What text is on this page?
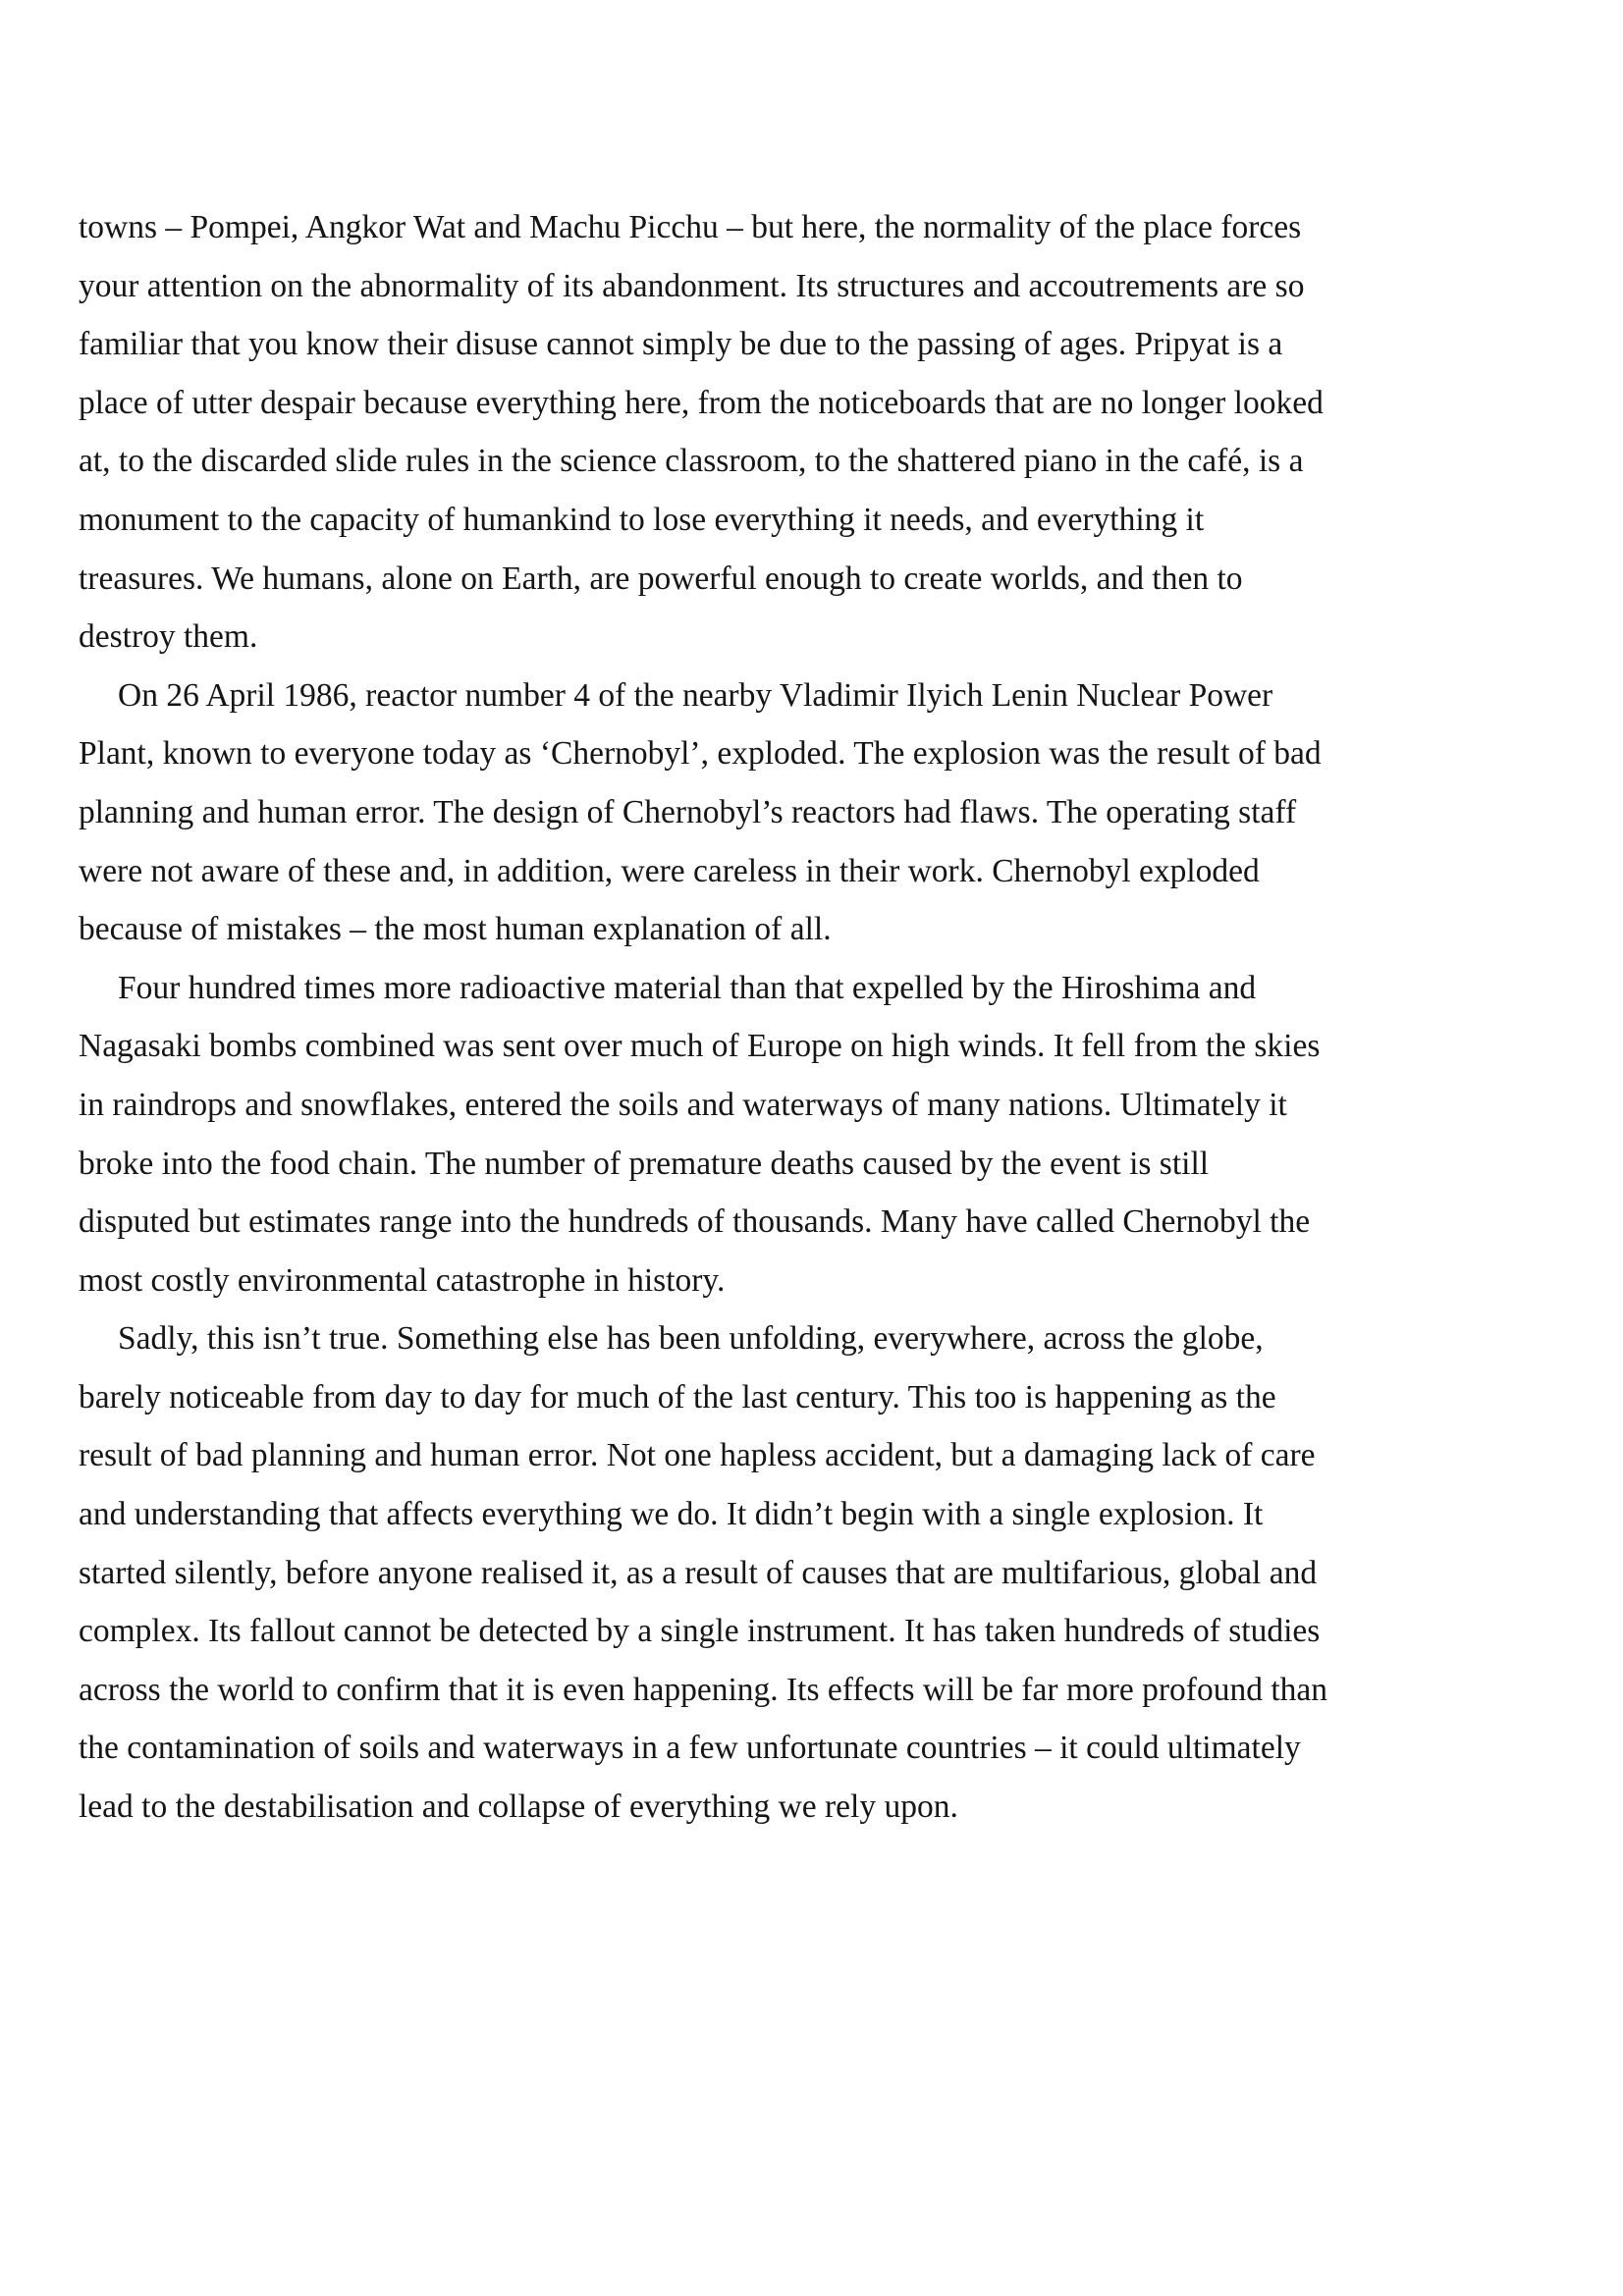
towns – Pompei, Angkor Wat and Machu Picchu – but here, the normality of the place forces
your attention on the abnormality of its abandonment. Its structures and accoutrements are so
familiar that you know their disuse cannot simply be due to the passing of ages. Pripyat is a
place of utter despair because everything here, from the noticeboards that are no longer looked
at, to the discarded slide rules in the science classroom, to the shattered piano in the café, is a
monument to the capacity of humankind to lose everything it needs, and everything it
treasures. We humans, alone on Earth, are powerful enough to create worlds, and then to
destroy them.
On 26 April 1986, reactor number 4 of the nearby Vladimir Ilyich Lenin Nuclear Power
Plant, known to everyone today as ‘Chernobyl’, exploded. The explosion was the result of bad
planning and human error. The design of Chernobyl’s reactors had flaws. The operating staff
were not aware of these and, in addition, were careless in their work. Chernobyl exploded
because of mistakes – the most human explanation of all.
Four hundred times more radioactive material than that expelled by the Hiroshima and
Nagasaki bombs combined was sent over much of Europe on high winds. It fell from the skies
in raindrops and snowflakes, entered the soils and waterways of many nations. Ultimately it
broke into the food chain. The number of premature deaths caused by the event is still
disputed but estimates range into the hundreds of thousands. Many have called Chernobyl the
most costly environmental catastrophe in history.
Sadly, this isn’t true. Something else has been unfolding, everywhere, across the globe,
barely noticeable from day to day for much of the last century. This too is happening as the
result of bad planning and human error. Not one hapless accident, but a damaging lack of care
and understanding that affects everything we do. It didn’t begin with a single explosion. It
started silently, before anyone realised it, as a result of causes that are multifarious, global and
complex. Its fallout cannot be detected by a single instrument. It has taken hundreds of studies
across the world to confirm that it is even happening. Its effects will be far more profound than
the contamination of soils and waterways in a few unfortunate countries – it could ultimately
lead to the destabilisation and collapse of everything we rely upon.
